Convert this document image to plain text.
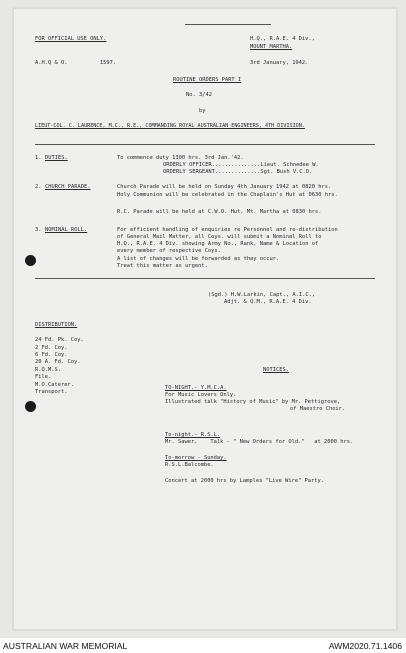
FOR OFFICIAL USE ONLY.
A.H.Q & O.          1597.
H.Q., R.A.E. 4 Div.,
MOUNT MARTHA.
3rd January, 1942.
ROUTINE ORDERS PART I
No. 3/42
by
LIEUT-COL. C. LAURENCE, M.C., R.E., COMMANDING ROYAL AUSTRALIAN ENGINEERS, 4TH DIVISION.
1. DUTIES.	To commence duty 1300 hrs. 3rd Jan.'42.
ORDERLY OFFICER...............Lieut. Schnedee W.
ORDERLY SERGEANT..............Sgt. Bush V.C.O.
2. CHURCH PARADE.	Church Parade will be held on Sunday 4th January 1942 at 0820 hrs.
Holy Communion will be celebrated in the Chaplain's Hut at 0630 hrs.
R.C. Parade will be held at C.W.O. Hut, Mt. Martha at 0830 hrs.
3. NOMINAL ROLL.	For efficient handling of enquiries re Personnel and re-distribution
of General Mail Matter, all Coys. will submit a Nominal Roll to
H.Q., R.A.E. 4 Div. showing Army No., Rank, Name & Location of
every member of respective Coys.
A list of changes will be forwarded as they occur.
Treat this matter as urgent.
(Sgd.) H.W.Larkin, Capt., A.I.C.,
Adjt. & Q.M., R.A.E. 4 Div.
DISTRIBUTION.
24 Fd. Pk. Coy.
2 Fd. Coy.
6 Fd. Coy.
20 A. Fd. Coy.
R.Q.M.S.
File.
M.O.Caterer.
Transport.
NOTICES.
TO-NIGHT.- Y.M.C.A.
For Music Lovers Only.
Illustrated talk "History of Music" by Mr. Pettigrove,
of Maestro Choir.
To-night.- R.S.L.
Mr. Sawer,    Talk - " New Orders for Old."   at 2000 hrs.
To-morrow - Sunday.
R.S.L.Balcombe.
Concert at 2000 hrs by Lamples "Live Wire" Party.
AUSTRALIAN WAR MEMORIAL	AWM2020.71.1406
